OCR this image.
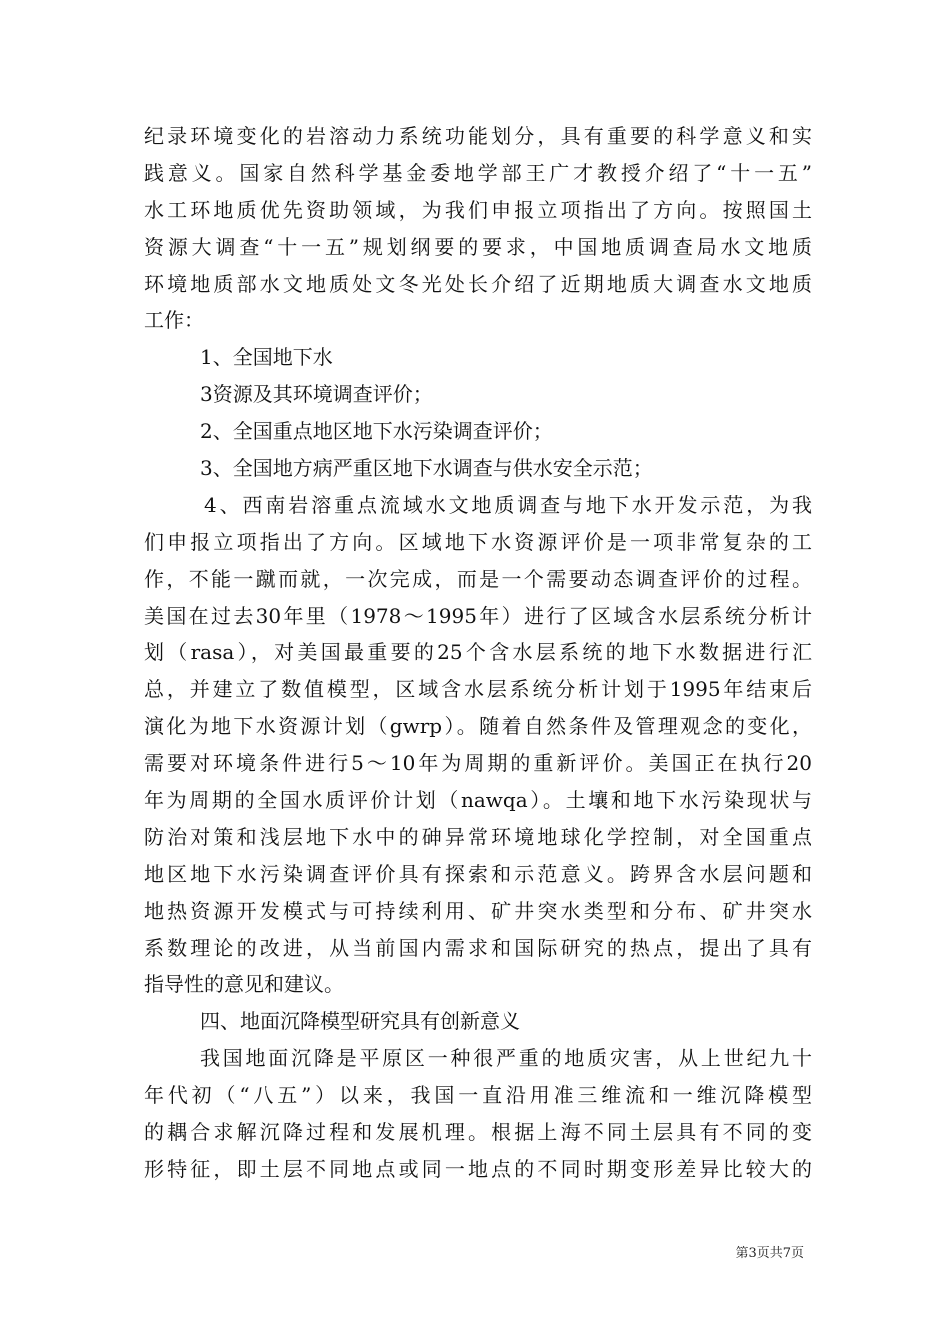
纪录环境变化的岩溶动力系统功能划分，具有重要的科学意义和实
践意义。国家自然科学基金委地学部王广才教授介绍了“十一五”
水工环地质优先资助领域，为我们申报立项指出了方向。按照国土
资源大调查“十一五”规划纲要的要求，中国地质调查局水文地质
环境地质部水文地质处文冬光处长介绍了近期地质大调查水文地质
工作：
1、全国地下水
3资源及其环境调查评价；
2、全国重点地区地下水污染调查评价；
3、全国地方病严重区地下水调查与供水安全示范；
4、西南岩溶重点流域水文地质调查与地下水开发示范，为我
们申报立项指出了方向。区域地下水资源评价是一项非常复杂的工
作，不能一蹴而就，一次完成，而是一个需要动态调查评价的过程。
美国在过去30年里（1978～1995年）进行了区域含水层系统分析计
划（rasa），对美国最重要的25个含水层系统的地下水数据进行汇
总，并建立了数值模型，区域含水层系统分析计划于1995年结束后
演化为地下水资源计划（gwrp）。随着自然条件及管理观念的变化，
需要对环境条件进行5～10年为周期的重新评价。美国正在执行20
年为周期的全国水质评价计划（nawqa）。土壤和地下水污染现状与
防治对策和浅层地下水中的砷异常环境地球化学控制，对全国重点
地区地下水污染调查评价具有探索和示范意义。跨界含水层问题和
地热资源开发模式与可持续利用、矿井突水类型和分布、矿井突水
系数理论的改进，从当前国内需求和国际研究的热点，提出了具有
指导性的意见和建议。
四、地面沉降模型研究具有创新意义
我国地面沉降是平原区一种很严重的地质灾害，从上世纪九十
年代初（“八五”）以来，我国一直沿用准三维流和一维沉降模型
的耦合求解沉降过程和发展机理。根据上海不同土层具有不同的变
形特征，即土层不同地点或同一地点的不同时期变形差异比较大的
第3页共7页
